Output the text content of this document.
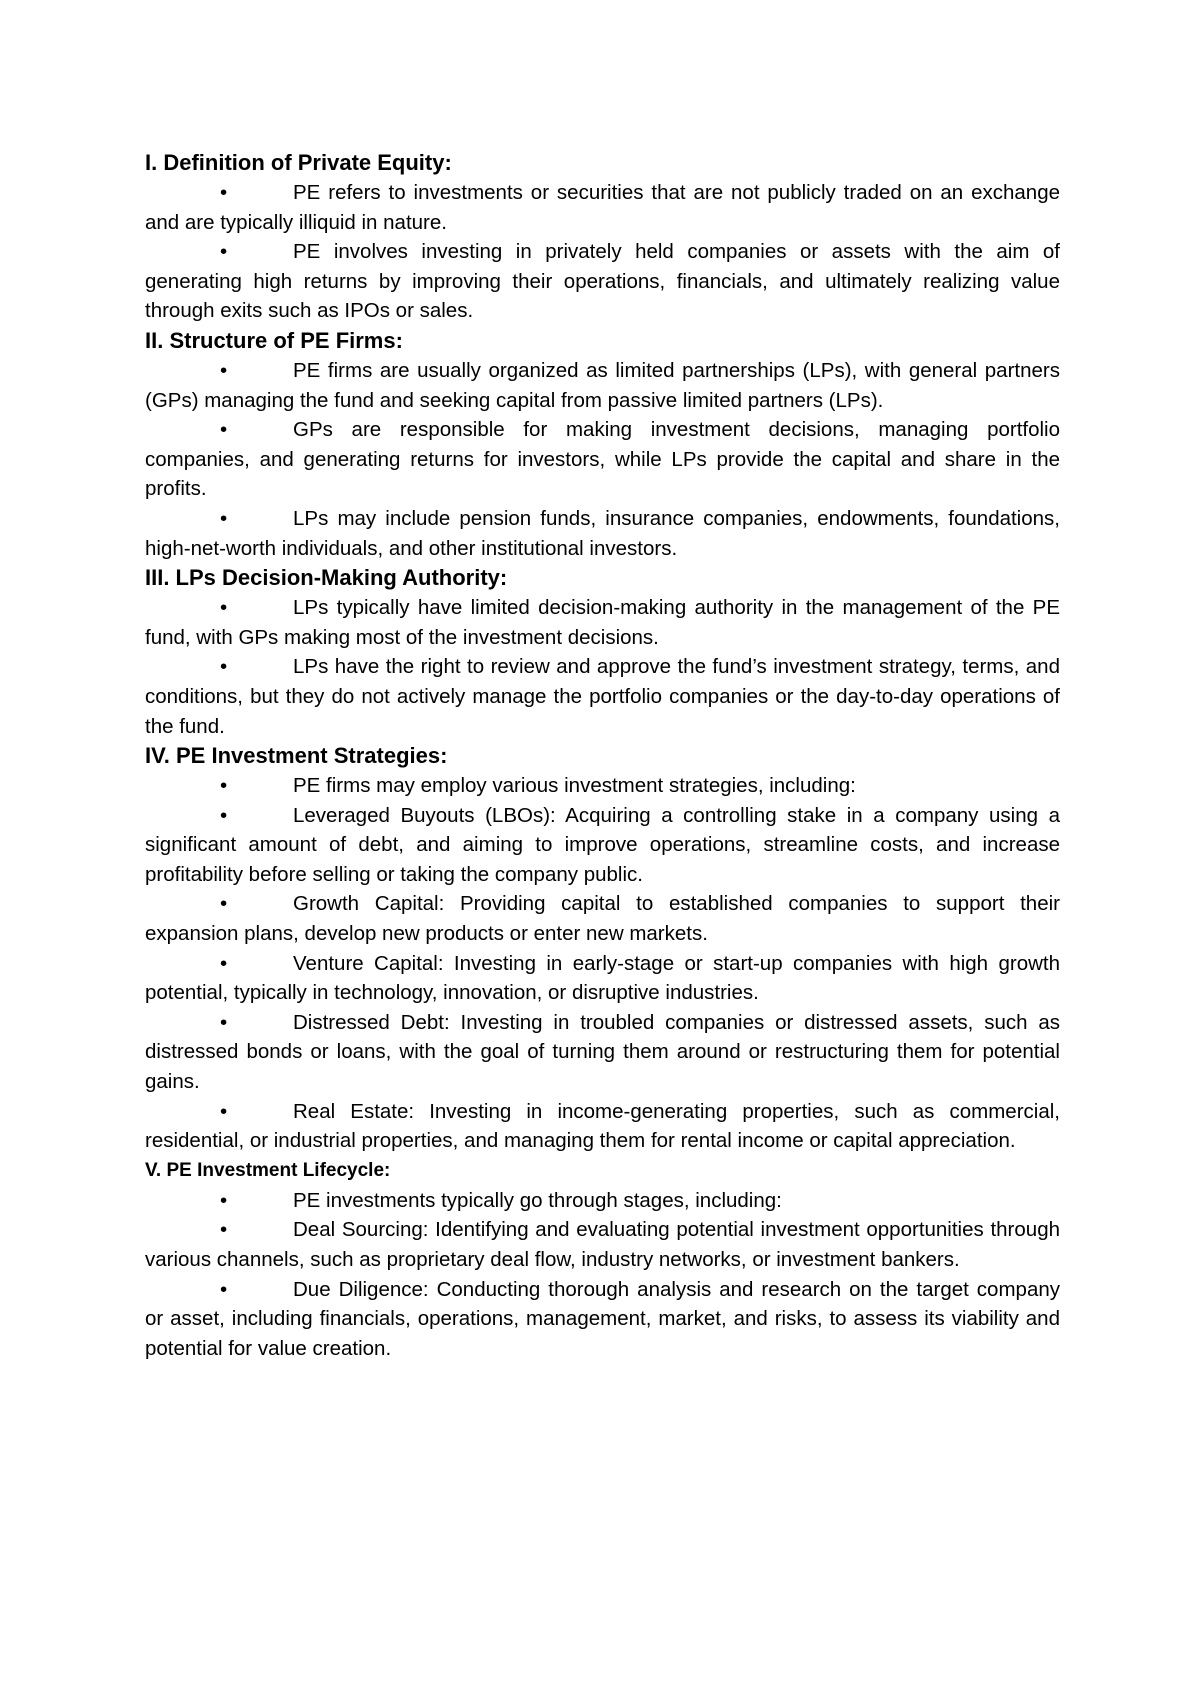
I. Definition of Private Equity:

•	PE refers to investments or securities that are not publicly traded on an exchange and are typically illiquid in nature.

•	PE involves investing in privately held companies or assets with the aim of generating high returns by improving their operations, financials, and ultimately realizing value through exits such as IPOs or sales.

II. Structure of PE Firms:

•	PE firms are usually organized as limited partnerships (LPs), with general partners (GPs) managing the fund and seeking capital from passive limited partners (LPs).

•	GPs are responsible for making investment decisions, managing portfolio companies, and generating returns for investors, while LPs provide the capital and share in the profits.

•	LPs may include pension funds, insurance companies, endowments, foundations, high-net-worth individuals, and other institutional investors.

III. LPs Decision-Making Authority:

•	LPs typically have limited decision-making authority in the management of the PE fund, with GPs making most of the investment decisions.

•	LPs have the right to review and approve the fund’s investment strategy, terms, and conditions, but they do not actively manage the portfolio companies or the day-to-day operations of the fund.

IV. PE Investment Strategies:

•	PE firms may employ various investment strategies, including:

•	Leveraged Buyouts (LBOs): Acquiring a controlling stake in a company using a significant amount of debt, and aiming to improve operations, streamline costs, and increase profitability before selling or taking the company public.

•	Growth Capital: Providing capital to established companies to support their expansion plans, develop new products or enter new markets.

•	Venture Capital: Investing in early-stage or start-up companies with high growth potential, typically in technology, innovation, or disruptive industries.

•	Distressed Debt: Investing in troubled companies or distressed assets, such as distressed bonds or loans, with the goal of turning them around or restructuring them for potential gains.

•	Real Estate: Investing in income-generating properties, such as commercial, residential, or industrial properties, and managing them for rental income or capital appreciation.

V. PE Investment Lifecycle:

•	PE investments typically go through stages, including:

•	Deal Sourcing: Identifying and evaluating potential investment opportunities through various channels, such as proprietary deal flow, industry networks, or investment bankers.

•	Due Diligence: Conducting thorough analysis and research on the target company or asset, including financials, operations, management, market, and risks, to assess its viability and potential for value creation.
